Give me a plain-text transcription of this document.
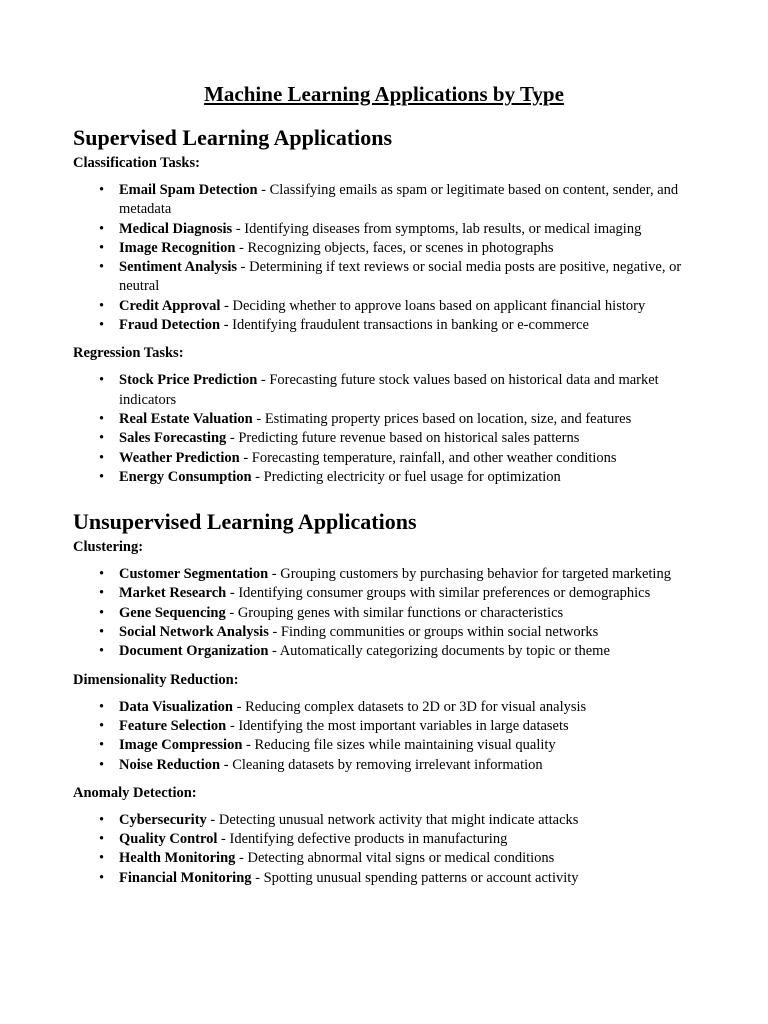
Machine Learning Applications by Type
Supervised Learning Applications

Classification Tasks:

• Email Spam Detection - Classifying emails as spam or legitimate based on content, sender, and metadata
• Medical Diagnosis - Identifying diseases from symptoms, lab results, or medical imaging
• Image Recognition - Recognizing objects, faces, or scenes in photographs
• Sentiment Analysis - Determining if text reviews or social media posts are positive, negative, or neutral
• Credit Approval - Deciding whether to approve loans based on applicant financial history
• Fraud Detection - Identifying fraudulent transactions in banking or e-commerce

Regression Tasks:

• Stock Price Prediction - Forecasting future stock values based on historical data and market indicators
• Real Estate Valuation - Estimating property prices based on location, size, and features
• Sales Forecasting - Predicting future revenue based on historical sales patterns
• Weather Prediction - Forecasting temperature, rainfall, and other weather conditions
• Energy Consumption - Predicting electricity or fuel usage for optimization
Unsupervised Learning Applications

Clustering:

• Customer Segmentation - Grouping customers by purchasing behavior for targeted marketing
• Market Research - Identifying consumer groups with similar preferences or demographics
• Gene Sequencing - Grouping genes with similar functions or characteristics
• Social Network Analysis - Finding communities or groups within social networks
• Document Organization - Automatically categorizing documents by topic or theme

Dimensionality Reduction:

• Data Visualization - Reducing complex datasets to 2D or 3D for visual analysis
• Feature Selection - Identifying the most important variables in large datasets
• Image Compression - Reducing file sizes while maintaining visual quality
• Noise Reduction - Cleaning datasets by removing irrelevant information

Anomaly Detection:

• Cybersecurity - Detecting unusual network activity that might indicate attacks
• Quality Control - Identifying defective products in manufacturing
• Health Monitoring - Detecting abnormal vital signs or medical conditions
• Financial Monitoring - Spotting unusual spending patterns or account activity
